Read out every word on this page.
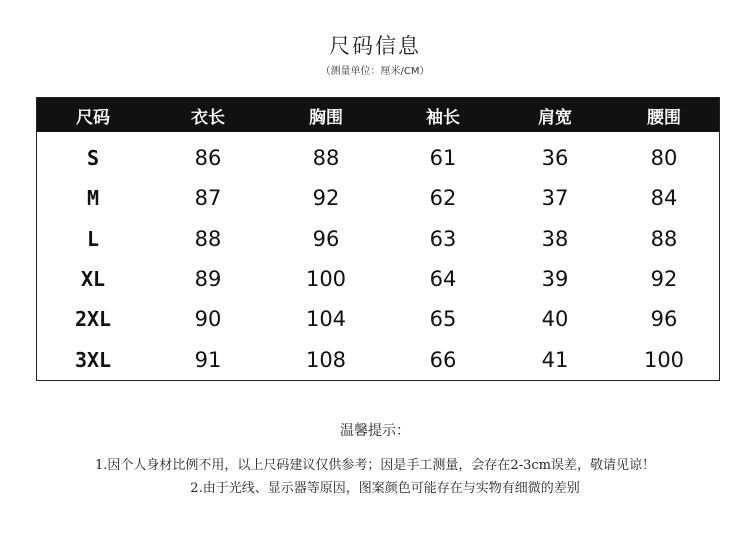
尺码信息
（测量单位：厘米/CM）
尺码	衣长	胸围	袖长	肩宽	腰围
S	86	88	61	36	80
M	87	92	62	37	84
L	88	96	63	38	88
XL	89	100	64	39	92
2XL	90	104	65	40	96
3XL	91	108	66	41	100
温馨提示：
1.因个人身材比例不用，以上尺码建议仅供参考；因是手工测量，会存在2-3cm误差，敬请见谅！
2.由于光线、显示器等原因，图案颜色可能存在与实物有细微的差别
